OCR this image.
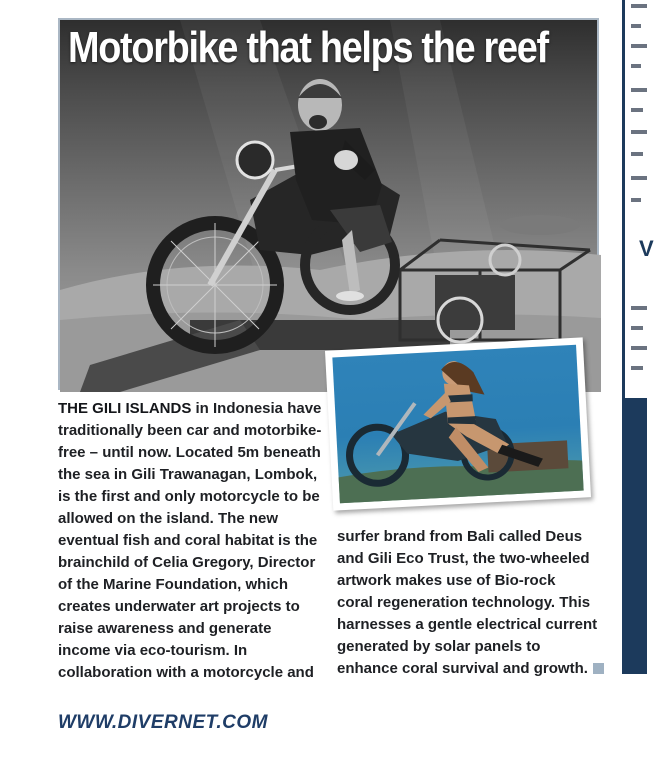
V
Motorbike that helps the reef
THE GILI ISLANDS in Indonesia have
traditionally been car and motorbike-
free – until now. Located 5m beneath
the sea in Gili Trawanagan, Lombok,
is the first and only motorcycle to be
allowed on the island. The new
eventual fish and coral habitat is the
brainchild of Celia Gregory, Director
of the Marine Foundation, which
creates underwater art projects to
raise awareness and generate
income via eco-tourism. In
collaboration with a motorcycle and
surfer brand from Bali called Deus
and Gili Eco Trust, the two-wheeled
artwork makes use of Bio-rock
coral regeneration technology. This
harnesses a gentle electrical current
generated by solar panels to
enhance coral survival and growth.
WWW.DIVERNET.COM
